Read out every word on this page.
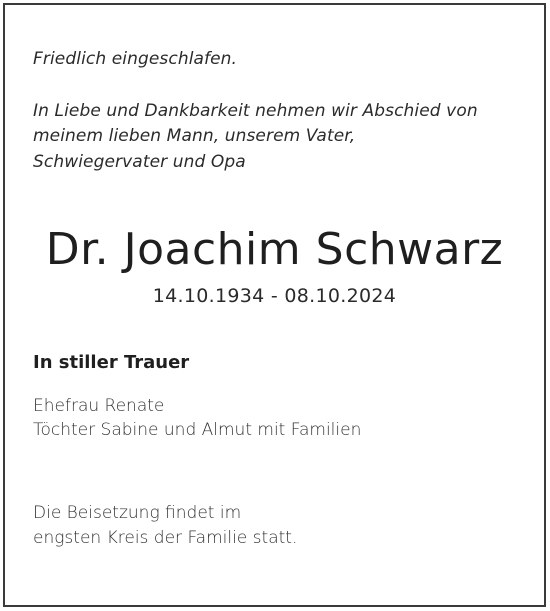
Friedlich eingeschlafen.

In Liebe und Dankbarkeit nehmen wir Abschied von

meinem lieben Mann, unserem Vater,

Schwiegervater und Opa

Dr. Joachim Schwarz
14.10.1934 - 08.10.2024

In stiller Trauer

Ehefrau Renate

Töchter Sabine und Almut mit Familien

Die Beisetzung findet im

engsten Kreis der Familie statt.
